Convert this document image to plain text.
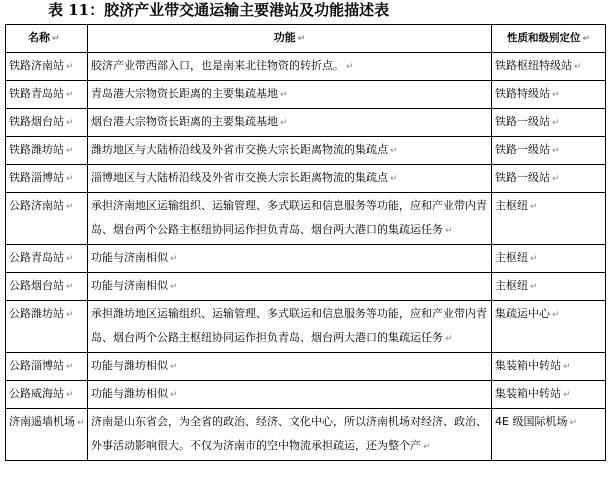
表 11：胶济产业带交通运输主要港站及功能描述表
名称 ↵	功能 ↵	性质和级别定位 ↵
铁路济南站 ↵	胶济产业带西部入口，也是南来北往物资的转折点。 ↵	铁路枢纽特级站 ↵
铁路青岛站 ↵	青岛港大宗物资长距离的主要集疏基地 ↵	铁路特级站 ↵
铁路烟台站 ↵	烟台港大宗物资长距离的主要集疏基地 ↵	铁路一级站 ↵
铁路潍坊站 ↵	潍坊地区与大陆桥沿线及外省市交换大宗长距离物流的集疏点 ↵	铁路一级站 ↵
铁路淄博站 ↵	淄博地区与大陆桥沿线及外省市交换大宗长距离物流的集疏点 ↵	铁路一级站 ↵
公路济南站 ↵	承担济南地区运输组织、运输管理、多式联运和信息服务等功能，应和产业带内青岛、烟台两个公路主枢纽协同运作担负青岛、烟台两大港口的集疏运任务 ↵	主枢纽 ↵
公路青岛站 ↵	功能与济南相似 ↵	主枢纽 ↵
公路烟台站 ↵	功能与济南相似 ↵	主枢纽 ↵
公路潍坊站 ↵	承担潍坊地区运输组织、运输管理、多式联运和信息服务等功能，应和产业带内青岛、烟台两个公路主枢纽协同运作担负青岛、烟台两大港口的集疏运任务 ↵	集疏运中心 ↵
公路淄博站 ↵	功能与潍坊相似 ↵	集装箱中转站 ↵
公路威海站 ↵	功能与潍坊相似 ↵	集装箱中转站 ↵
济南遥墙机场 ↵	济南是山东省会，为全省的政治、经济、文化中心，所以济南机场对经济、政治、外事活动影响很大。不仅为济南市的空中物流承担疏运，还为整个产 ↵	4E 级国际机场 ↵
